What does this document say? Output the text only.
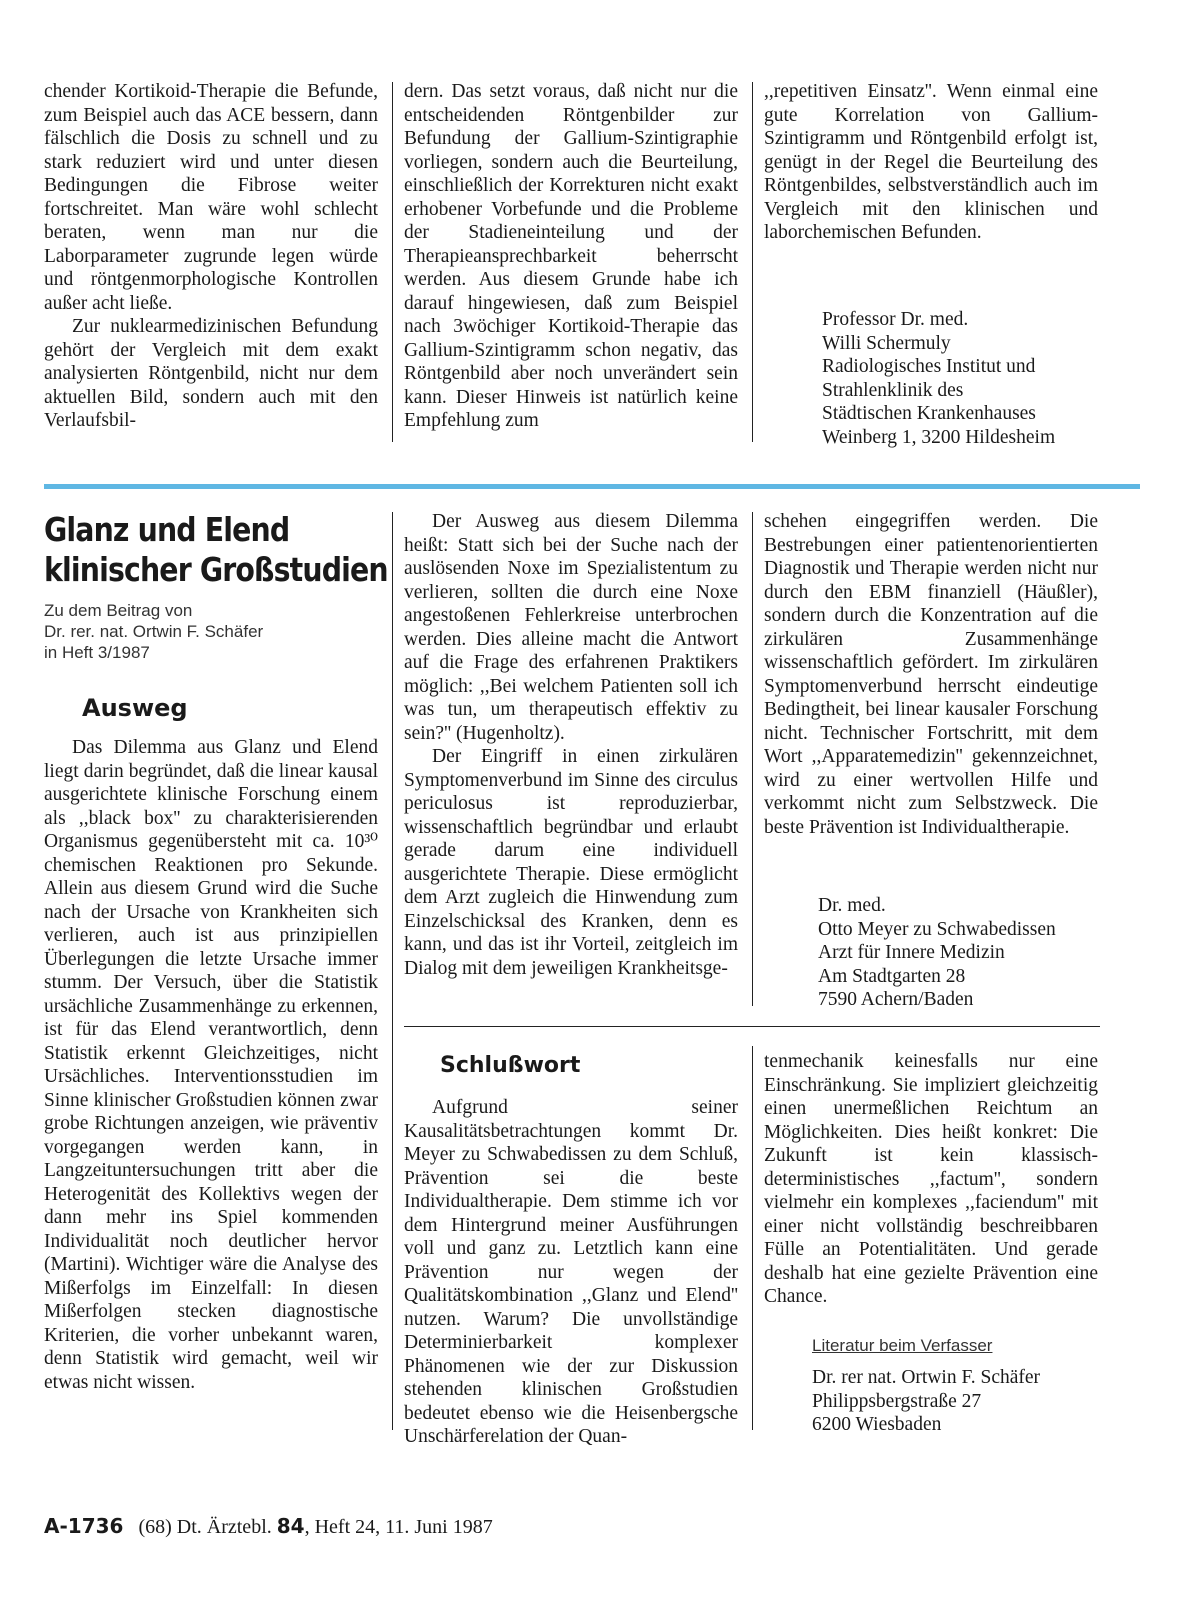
chender Kortikoid-Therapie die Befunde, zum Beispiel auch das ACE bessern, dann fälschlich die Dosis zu schnell und zu stark reduziert wird und unter diesen Bedingungen die Fibrose weiter fortschreitet. Man wäre wohl schlecht beraten, wenn man nur die Laborparameter zugrunde legen würde und röntgenmorphologische Kontrollen außer acht ließe.

Zur nuklearmedizinischen Befundung gehört der Vergleich mit dem exakt analysierten Röntgenbild, nicht nur dem aktuellen Bild, sondern auch mit den Verlaufsbil-

dern. Das setzt voraus, daß nicht nur die entscheidenden Röntgenbilder zur Befundung der Gallium-Szintigraphie vorliegen, sondern auch die Beurteilung, einschließlich der Korrekturen nicht exakt erhobener Vorbefunde und die Probleme der Stadieneinteilung und der Therapieansprechbarkeit beherrscht werden. Aus diesem Grunde habe ich darauf hingewiesen, daß zum Beispiel nach 3wöchiger Kortikoid-Therapie das Gallium-Szintigramm schon negativ, das Röntgenbild aber noch unverändert sein kann. Dieser Hinweis ist natürlich keine Empfehlung zum

,,repetitiven Einsatz''. Wenn einmal eine gute Korrelation von Gallium-Szintigramm und Röntgenbild erfolgt ist, genügt in der Regel die Beurteilung des Röntgenbildes, selbstverständlich auch im Vergleich mit den klinischen und laborchemischen Befunden.

Professor Dr. med.

Willi Schermuly

Radiologisches Institut und

Strahlenklinik des

Städtischen Krankenhauses

Weinberg 1, 3200 Hildesheim

Glanz und Elend

klinischer Großstudien

Zu dem Beitrag von

Dr. rer. nat. Ortwin F. Schäfer

in Heft 3/1987

Ausweg

Das Dilemma aus Glanz und Elend liegt darin begründet, daß die linear kausal ausgerichtete klinische Forschung einem als ,,black box'' zu charakterisierenden Organismus gegenübersteht mit ca. 10³⁰ chemischen Reaktionen pro Sekunde. Allein aus diesem Grund wird die Suche nach der Ursache von Krankheiten sich verlieren, auch ist aus prinzipiellen Überlegungen die letzte Ursache immer stumm. Der Versuch, über die Statistik ursächliche Zusammenhänge zu erkennen, ist für das Elend verantwortlich, denn Statistik erkennt Gleichzeitiges, nicht Ursächliches. Interventionsstudien im Sinne klinischer Großstudien können zwar grobe Richtungen anzeigen, wie präventiv vorgegangen werden kann, in Langzeituntersuchungen tritt aber die Heterogenität des Kollektivs wegen der dann mehr ins Spiel kommenden Individualität noch deutlicher hervor (Martini). Wichtiger wäre die Analyse des Mißerfolgs im Einzelfall: In diesen Mißerfolgen stecken diagnostische Kriterien, die vorher unbekannt waren, denn Statistik wird gemacht, weil wir etwas nicht wissen.

Der Ausweg aus diesem Dilemma heißt: Statt sich bei der Suche nach der auslösenden Noxe im Spezialistentum zu verlieren, sollten die durch eine Noxe angestoßenen Fehlerkreise unterbrochen werden. Dies alleine macht die Antwort auf die Frage des erfahrenen Praktikers möglich: ,,Bei welchem Patienten soll ich was tun, um therapeutisch effektiv zu sein?'' (Hugenholtz).

Der Eingriff in einen zirkulären Symptomenverbund im Sinne des circulus periculosus ist reproduzierbar, wissenschaftlich begründbar und erlaubt gerade darum eine individuell ausgerichtete Therapie. Diese ermöglicht dem Arzt zugleich die Hinwendung zum Einzelschicksal des Kranken, denn es kann, und das ist ihr Vorteil, zeitgleich im Dialog mit dem jeweiligen Krankheitsge-

schehen eingegriffen werden. Die Bestrebungen einer patientenorientierten Diagnostik und Therapie werden nicht nur durch den EBM finanziell (Häußler), sondern durch die Konzentration auf die zirkulären Zusammenhänge wissenschaftlich gefördert. Im zirkulären Symptomenverbund herrscht eindeutige Bedingtheit, bei linear kausaler Forschung nicht. Technischer Fortschritt, mit dem Wort ,,Apparatemedizin'' gekennzeichnet, wird zu einer wertvollen Hilfe und verkommt nicht zum Selbstzweck. Die beste Prävention ist Individualtherapie.

Dr. med.

Otto Meyer zu Schwabedissen

Arzt für Innere Medizin

Am Stadtgarten 28

7590 Achern/Baden

Schlußwort

Aufgrund seiner Kausalitätsbetrachtungen kommt Dr. Meyer zu Schwabedissen zu dem Schluß, Prävention sei die beste Individualtherapie. Dem stimme ich vor dem Hintergrund meiner Ausführungen voll und ganz zu. Letztlich kann eine Prävention nur wegen der Qualitätskombination ,,Glanz und Elend'' nutzen. Warum? Die unvollständige Determinierbarkeit komplexer Phänomenen wie der zur Diskussion stehenden klinischen Großstudien bedeutet ebenso wie die Heisenbergsche Unschärferelation der Quan-

tenmechanik keinesfalls nur eine Einschränkung. Sie impliziert gleichzeitig einen unermeßlichen Reichtum an Möglichkeiten. Dies heißt konkret: Die Zukunft ist kein klassisch-deterministisches ,,factum'', sondern vielmehr ein komplexes ,,faciendum'' mit einer nicht vollständig beschreibbaren Fülle an Potentialitäten. Und gerade deshalb hat eine gezielte Prävention eine Chance.

Literatur beim Verfasser

Dr. rer nat. Ortwin F. Schäfer

Philippsbergstraße 27

6200 Wiesbaden

A-1736 (68) Dt. Ärztebl. 84, Heft 24, 11. Juni 1987
